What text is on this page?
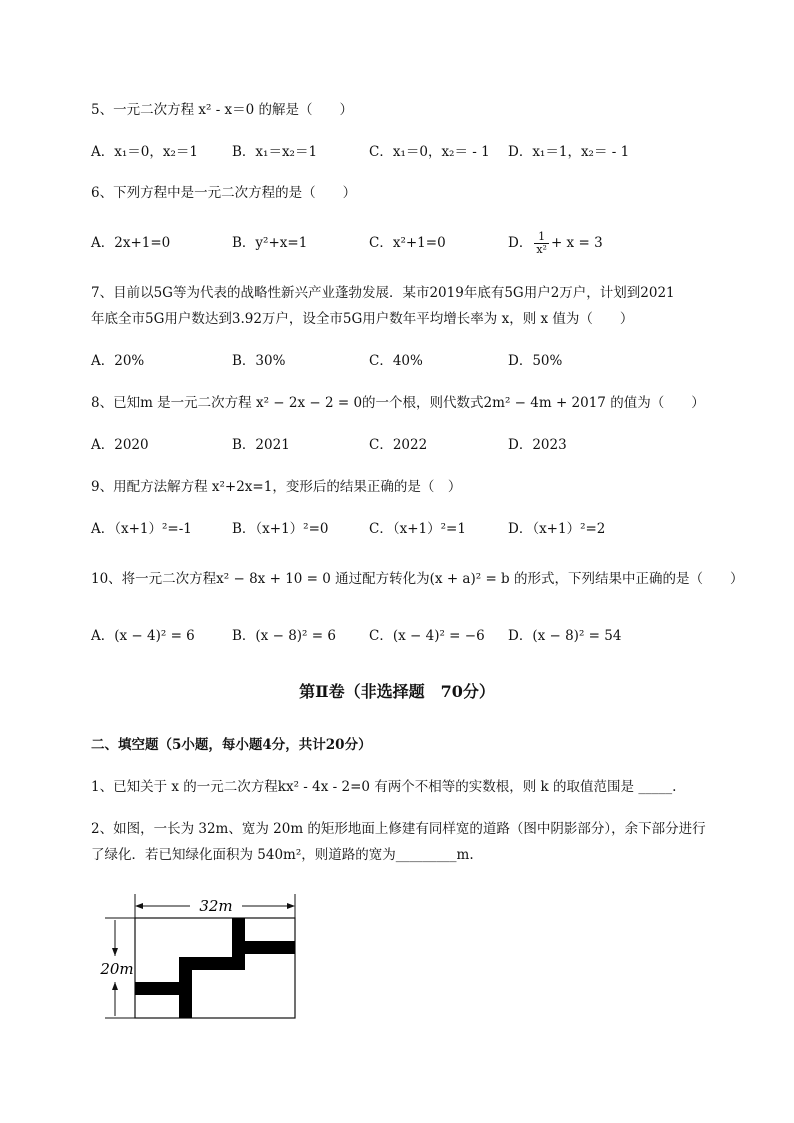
5、一元二次方程 x² - x＝0 的解是（　　）
A．x₁＝0，x₂＝1	B．x₁＝x₂＝1	C．x₁＝0，x₂＝ - 1 D．x₁＝1，x₂＝ - 1
6、下列方程中是一元二次方程的是（　　）
A．2x+1=0	B．y²+x=1	C．x²+1=0	D． $\frac{1}{\text{x²}} + x = 3$
7、目前以5G等为代表的战略性新兴产业蓬勃发展．某市2019年底有5G用户2万户，计划到2021
年底全市5G用户数达到3.92万户，设全市5G用户数年平均增长率为 x，则 x 值为（　　）
A．20%	B．30%	C．40%	D．50%
8、已知m 是一元二次方程 x² − 2x − 2 = 0的一个根，则代数式2m² − 4m + 2017 的值为（　　）
A．2020	B．2021	C．2022	D．2023
9、用配方法解方程 x²+2x=1，变形后的结果正确的是（　）
A．（x+1）²=-1	B．（x+1）²=0	C．（x+1）²=1	D．（x+1）²=2
10、将一元二次方程x² − 8x + 10 = 0 通过配方转化为(x + a)² = b 的形式，下列结果中正确的是（　　）
A．(x − 4)² = 6	B．(x − 8)² = 6 C．(x − 4)² = −6 D．(x − 8)² = 54
第Ⅱ卷（非选择题　70分）
二、填空题（5小题，每小题4分，共计20分）
1、已知关于 x 的一元二次方程kx² - 4x - 2=0 有两个不相等的实数根，则 k 的取值范围是 _____.
2、如图，一长为 32m、宽为 20m 的矩形地面上修建有同样宽的道路（图中阴影部分），余下部分进行
了绿化．若已知绿化面积为 540m²，则道路的宽为_________m.
32m
20m
